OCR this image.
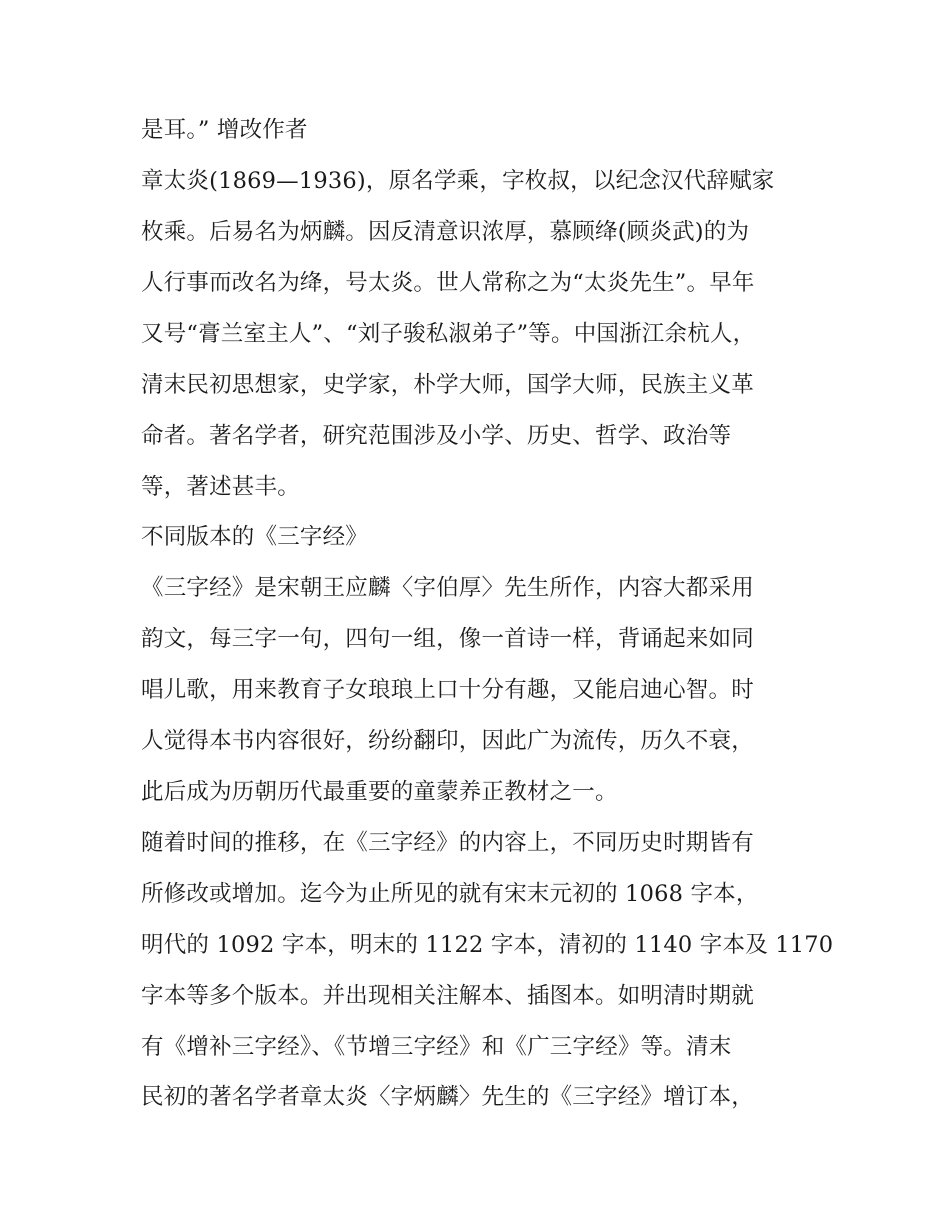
是耳。” 增改作者
章太炎(1869—1936)，原名学乘，字枚叔，以纪念汉代辞赋家
枚乘。后易名为炳麟。因反清意识浓厚，慕顾绛(顾炎武)的为
人行事而改名为绛，号太炎。世人常称之为“太炎先生”。早年
又号“膏兰室主人”、“刘子骏私淑弟子”等。中国浙江余杭人，
清末民初思想家，史学家，朴学大师，国学大师，民族主义革
命者。著名学者，研究范围涉及小学、历史、哲学、政治等
等，著述甚丰。
不同版本的《三字经》
《三字经》是宋朝王应麟〈字伯厚〉先生所作，内容大都采用
韵文，每三字一句，四句一组，像一首诗一样，背诵起来如同
唱儿歌，用来教育子女琅琅上口十分有趣，又能启迪心智。时
人觉得本书内容很好，纷纷翻印，因此广为流传，历久不衰，
此后成为历朝历代最重要的童蒙养正教材之一。
随着时间的推移，在《三字经》的内容上，不同历史时期皆有
所修改或增加。迄今为止所见的就有宋末元初的 1068 字本，
明代的 1092 字本，明末的 1122 字本，清初的 1140 字本及 1170
字本等多个版本。并出现相关注解本、插图本。如明清时期就
有《增补三字经》、《节增三字经》和《广三字经》等。清末
民初的著名学者章太炎〈字炳麟〉先生的《三字经》增订本，
